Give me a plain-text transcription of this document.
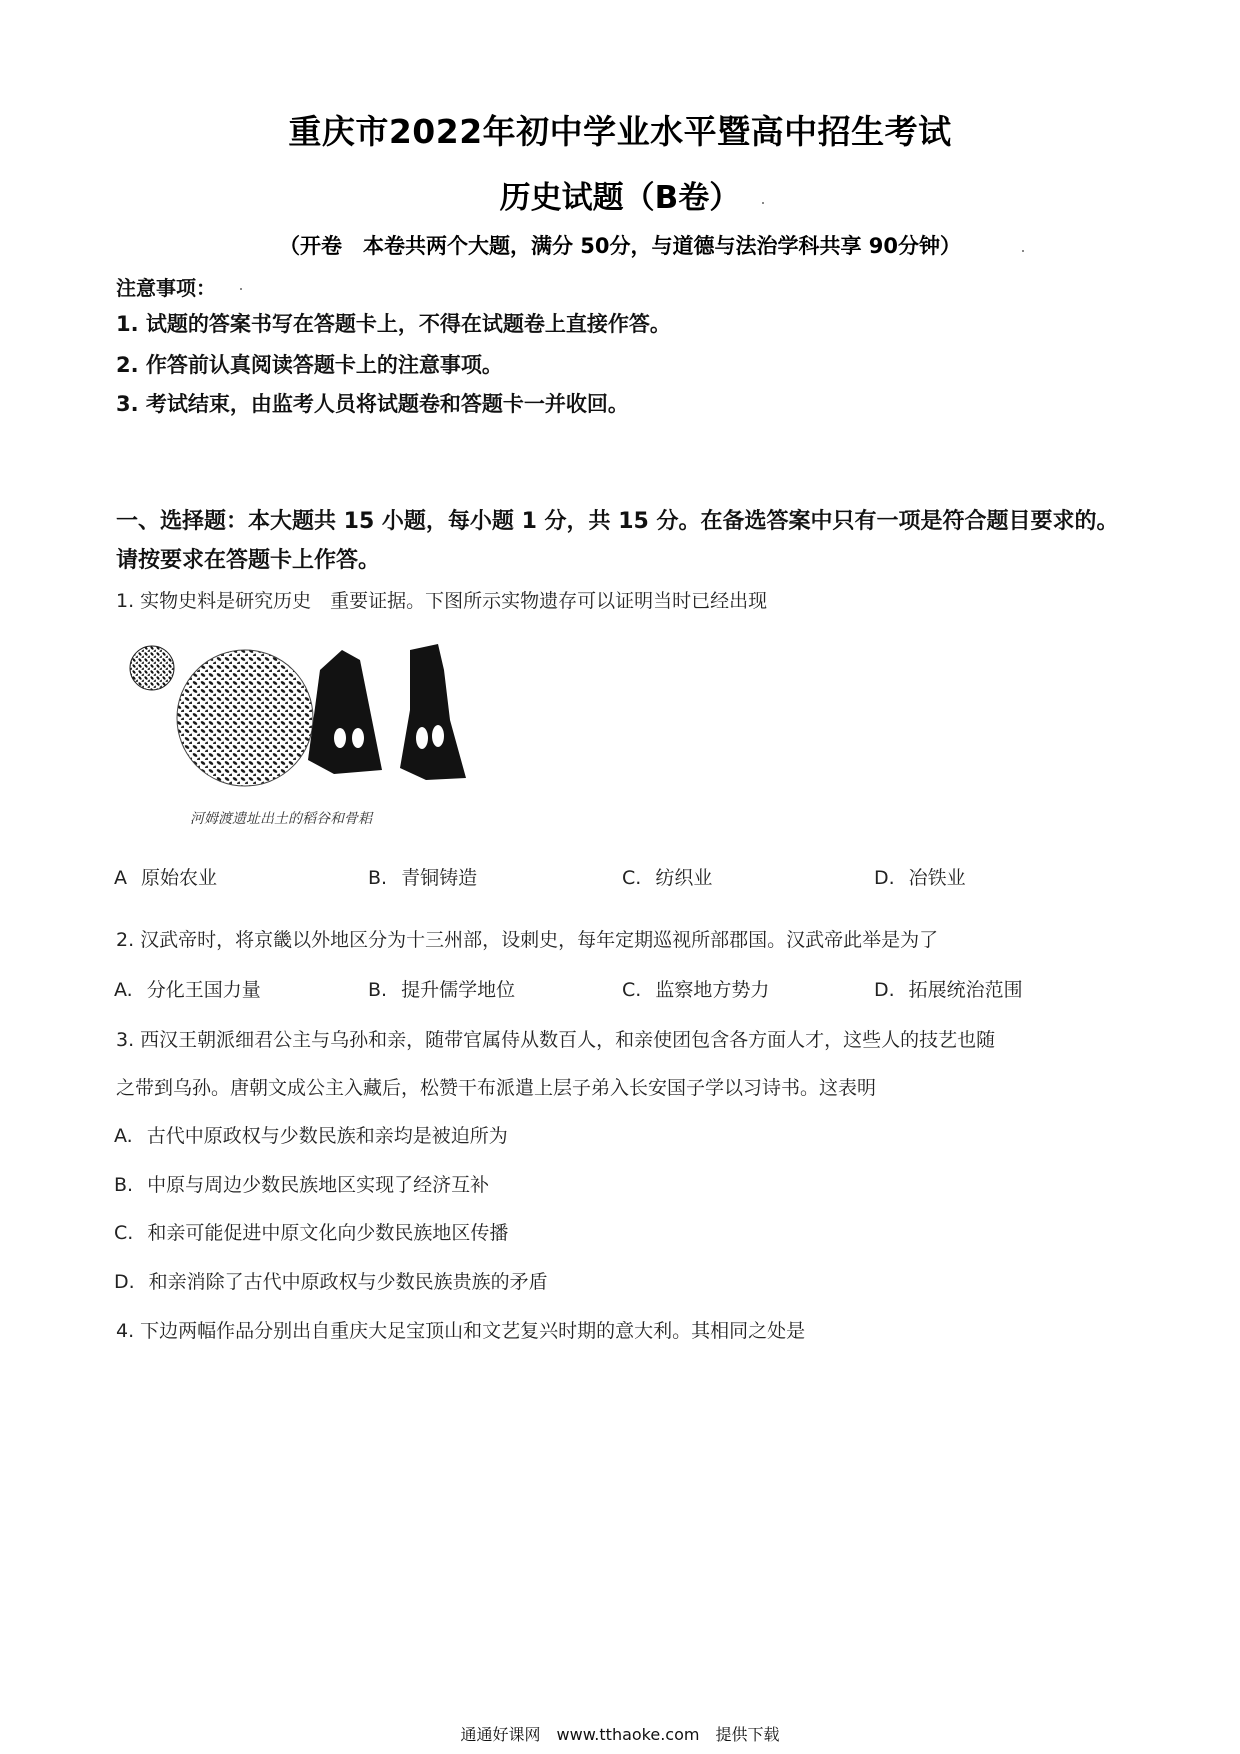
重庆市2022年初中学业水平暨高中招生考试
历史试题（B卷）
（开卷　本卷共两个大题，满分 50分，与道德与法治学科共享 90分钟）
注意事项：
1. 试题的答案书写在答题卡上，不得在试题卷上直接作答。
2. 作答前认真阅读答题卡上的注意事项。
3. 考试结束，由监考人员将试题卷和答题卡一并收回。
一、选择题：本大题共 15 小题，每小题 1 分，共 15 分。在备选答案中只有一项是符合题目要求的。请按要求在答题卡上作答。
1. 实物史料是研究历史　重要证据。下图所示实物遗存可以证明当时已经出现
河姆渡遗址出土的稻谷和骨耜
A 原始农业	B. 青铜铸造	C. 纺织业	D. 冶铁业
2. 汉武帝时，将京畿以外地区分为十三州部，设刺史，每年定期巡视所部郡国。汉武帝此举是为了
A. 分化王国力量	B. 提升儒学地位	C. 监察地方势力	D. 拓展统治范围
3. 西汉王朝派细君公主与乌孙和亲，随带官属侍从数百人，和亲使团包含各方面人才，这些人的技艺也随
之带到乌孙。唐朝文成公主入藏后，松赞干布派遣上层子弟入长安国子学以习诗书。这表明
A. 古代中原政权与少数民族和亲均是被迫所为
B. 中原与周边少数民族地区实现了经济互补
C. 和亲可能促进中原文化向少数民族地区传播
D. 和亲消除了古代中原政权与少数民族贵族的矛盾
4. 下边两幅作品分别出自重庆大足宝顶山和文艺复兴时期的意大利。其相同之处是
通通好课网　www.tthaoke.com　提供下载
